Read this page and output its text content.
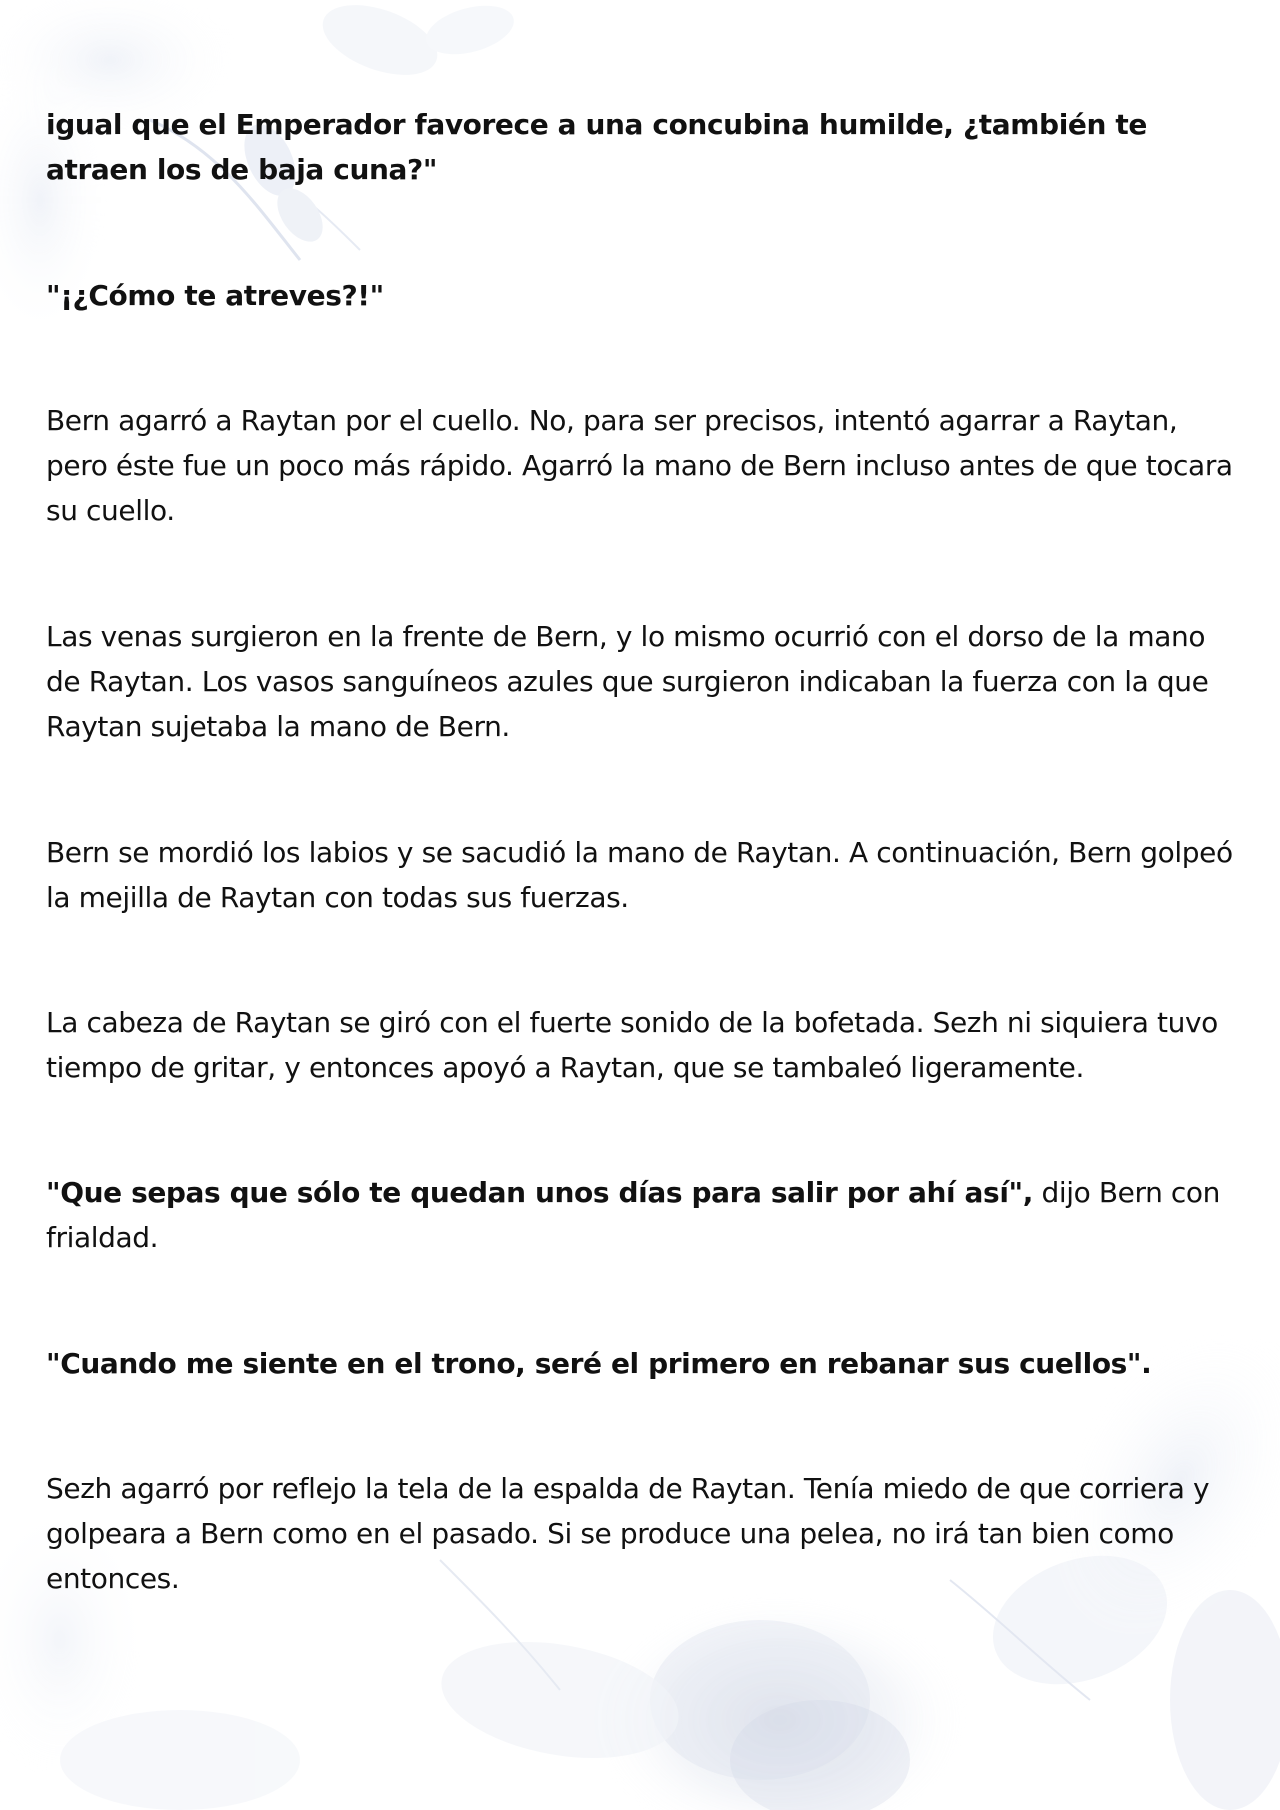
igual que el Emperador favorece a una concubina humilde, ¿también te atraen los de baja cuna?"

"¡¿Cómo te atreves?!"

Bern agarró a Raytan por el cuello. No, para ser precisos, intentó agarrar a Raytan, pero éste fue un poco más rápido. Agarró la mano de Bern incluso antes de que tocara su cuello.

Las venas surgieron en la frente de Bern, y lo mismo ocurrió con el dorso de la mano de Raytan. Los vasos sanguíneos azules que surgieron indicaban la fuerza con la que Raytan sujetaba la mano de Bern.

Bern se mordió los labios y se sacudió la mano de Raytan. A continuación, Bern golpeó la mejilla de Raytan con todas sus fuerzas.

La cabeza de Raytan se giró con el fuerte sonido de la bofetada. Sezh ni siquiera tuvo tiempo de gritar, y entonces apoyó a Raytan, que se tambaleó ligeramente.

"Que sepas que sólo te quedan unos días para salir por ahí así", dijo Bern con frialdad.

"Cuando me siente en el trono, seré el primero en rebanar sus cuellos".

Sezh agarró por reflejo la tela de la espalda de Raytan. Tenía miedo de que corriera y golpeara a Bern como en el pasado. Si se produce una pelea, no irá tan bien como entonces.
